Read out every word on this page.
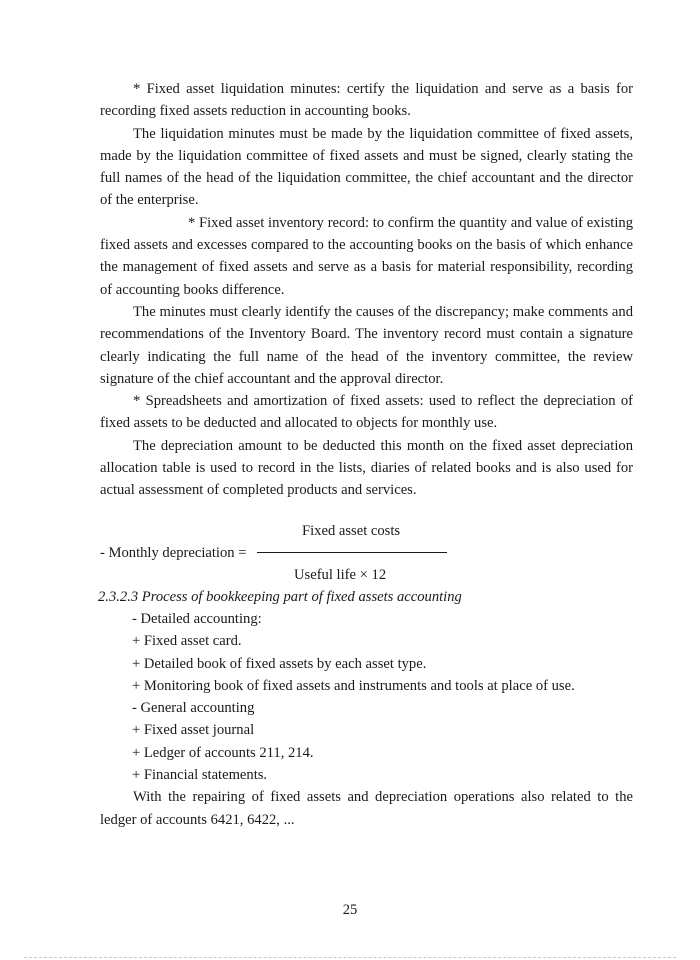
* Fixed asset liquidation minutes: certify the liquidation and serve as a basis for recording fixed assets reduction in accounting books.

The liquidation minutes must be made by the liquidation committee of fixed assets, made by the liquidation committee of fixed assets and must be signed, clearly stating the full names of the head of the liquidation committee, the chief accountant and the director of the enterprise.

* Fixed asset inventory record: to confirm the quantity and value of existing fixed assets and excesses compared to the accounting books on the basis of which enhance the management of fixed assets and serve as a basis for material responsibility, recording of accounting books difference.

The minutes must clearly identify the causes of the discrepancy; make comments and recommendations of the Inventory Board. The inventory record must contain a signature clearly indicating the full name of the head of the inventory committee, the review signature of the chief accountant and the approval director.

* Spreadsheets and amortization of fixed assets: used to reflect the depreciation of fixed assets to be deducted and allocated to objects for monthly use.

The depreciation amount to be deducted this month on the fixed asset depreciation allocation table is used to record in the lists, diaries of related books and is also used for actual assessment of completed products and services.

Fixed asset costs
- Monthly depreciation =
Useful life × 12

2.3.2.3 Process of bookkeeping part of fixed assets accounting

- Detailed accounting:

+ Fixed asset card.

+ Detailed book of fixed assets by each asset type.

+ Monitoring book of fixed assets and instruments and tools at place of use.

- General accounting

+ Fixed asset journal

+ Ledger of accounts 211, 214.

+ Financial statements.

With the repairing of fixed assets and depreciation operations also related to the ledger of accounts 6421, 6422, ...

25
